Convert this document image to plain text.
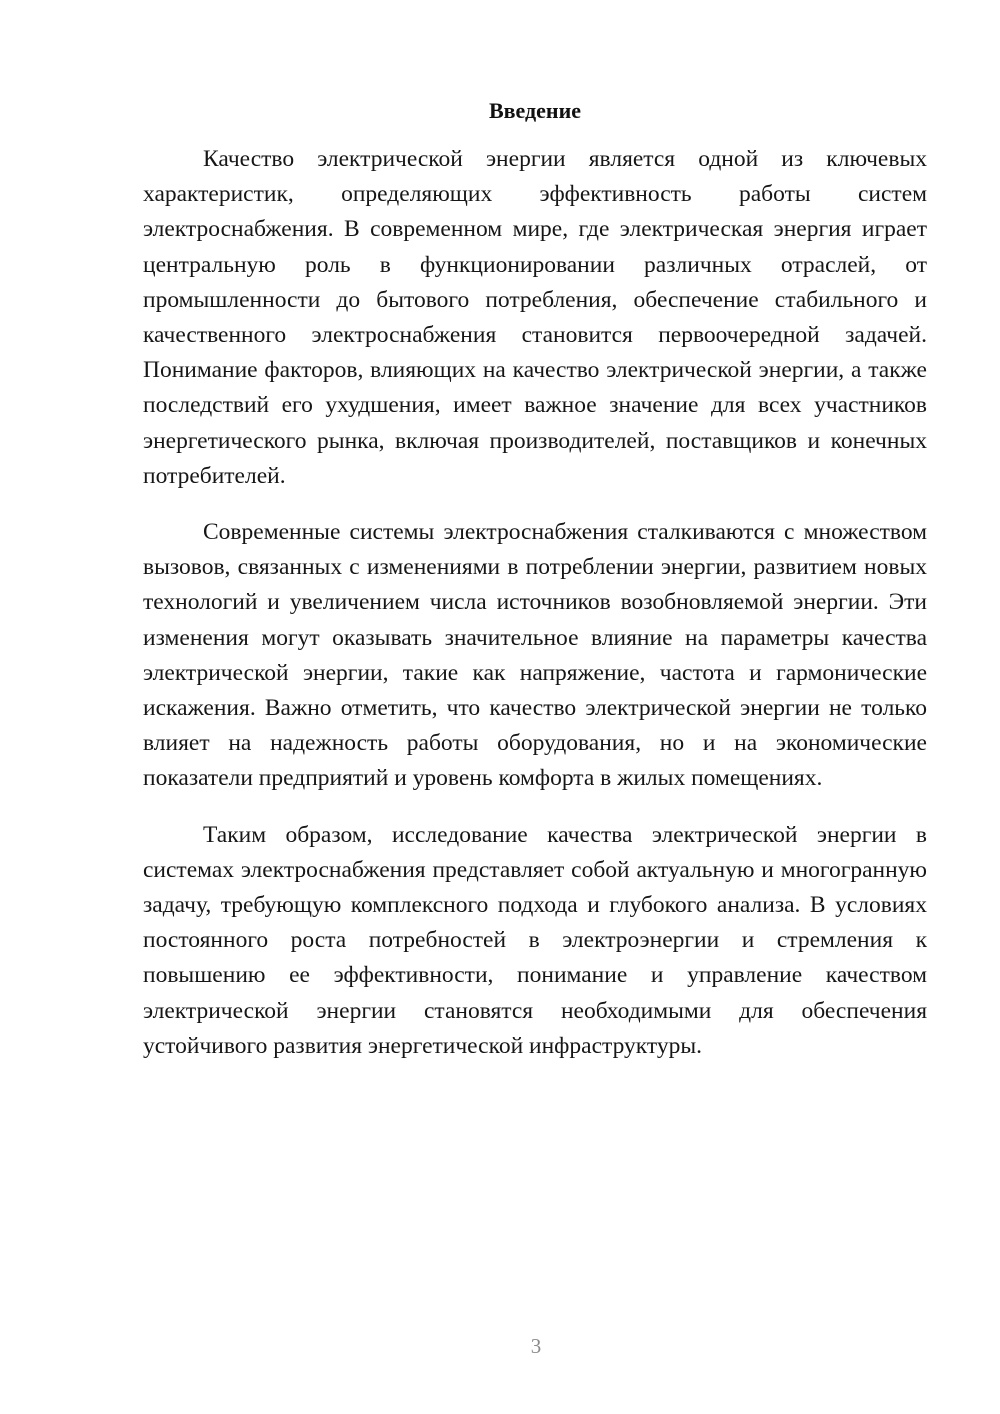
Введение

Качество электрической энергии является одной из ключевых характеристик, определяющих эффективность работы систем электроснабжения. В современном мире, где электрическая энергия играет центральную роль в функционировании различных отраслей, от промышленности до бытового потребления, обеспечение стабильного и качественного электроснабжения становится первоочередной задачей. Понимание факторов, влияющих на качество электрической энергии, а также последствий его ухудшения, имеет важное значение для всех участников энергетического рынка, включая производителей, поставщиков и конечных потребителей.

Современные системы электроснабжения сталкиваются с множеством вызовов, связанных с изменениями в потреблении энергии, развитием новых технологий и увеличением числа источников возобновляемой энергии. Эти изменения могут оказывать значительное влияние на параметры качества электрической энергии, такие как напряжение, частота и гармонические искажения. Важно отметить, что качество электрической энергии не только влияет на надежность работы оборудования, но и на экономические показатели предприятий и уровень комфорта в жилых помещениях.

Таким образом, исследование качества электрической энергии в системах электроснабжения представляет собой актуальную и многогранную задачу, требующую комплексного подхода и глубокого анализа. В условиях постоянного роста потребностей в электроэнергии и стремления к повышению ее эффективности, понимание и управление качеством электрической энергии становятся необходимыми для обеспечения устойчивого развития энергетической инфраструктуры.

3
